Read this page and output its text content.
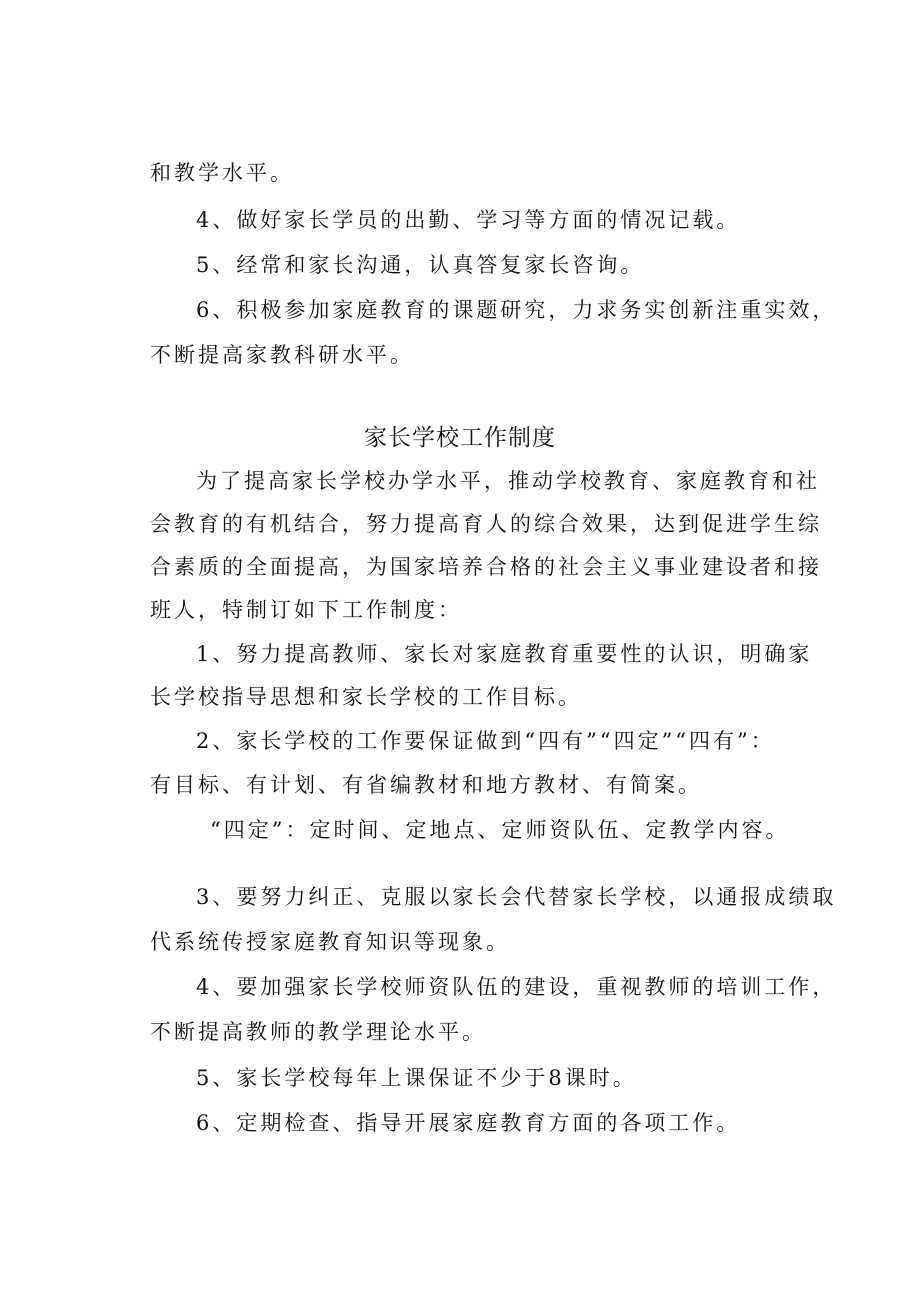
和教学水平。
4、做好家长学员的出勤、学习等方面的情况记载。
5、经常和家长沟通，认真答复家长咨询。
6、积极参加家庭教育的课题研究，力求务实创新注重实效，
不断提高家教科研水平。
家长学校工作制度
为了提高家长学校办学水平，推动学校教育、家庭教育和社
会教育的有机结合，努力提高育人的综合效果，达到促进学生综
合素质的全面提高，为国家培养合格的社会主义事业建设者和接
班人，特制订如下工作制度：
1、努力提高教师、家长对家庭教育重要性的认识，明确家
长学校指导思想和家长学校的工作目标。
2、家长学校的工作要保证做到“四有”“四定”“四有”：
有目标、有计划、有省编教材和地方教材、有简案。
“四定”：定时间、定地点、定师资队伍、定教学内容。
3、要努力纠正、克服以家长会代替家长学校，以通报成绩取
代系统传授家庭教育知识等现象。
4、要加强家长学校师资队伍的建设，重视教师的培训工作，
不断提高教师的教学理论水平。
5、家长学校每年上课保证不少于8课时。
6、定期检查、指导开展家庭教育方面的各项工作。
